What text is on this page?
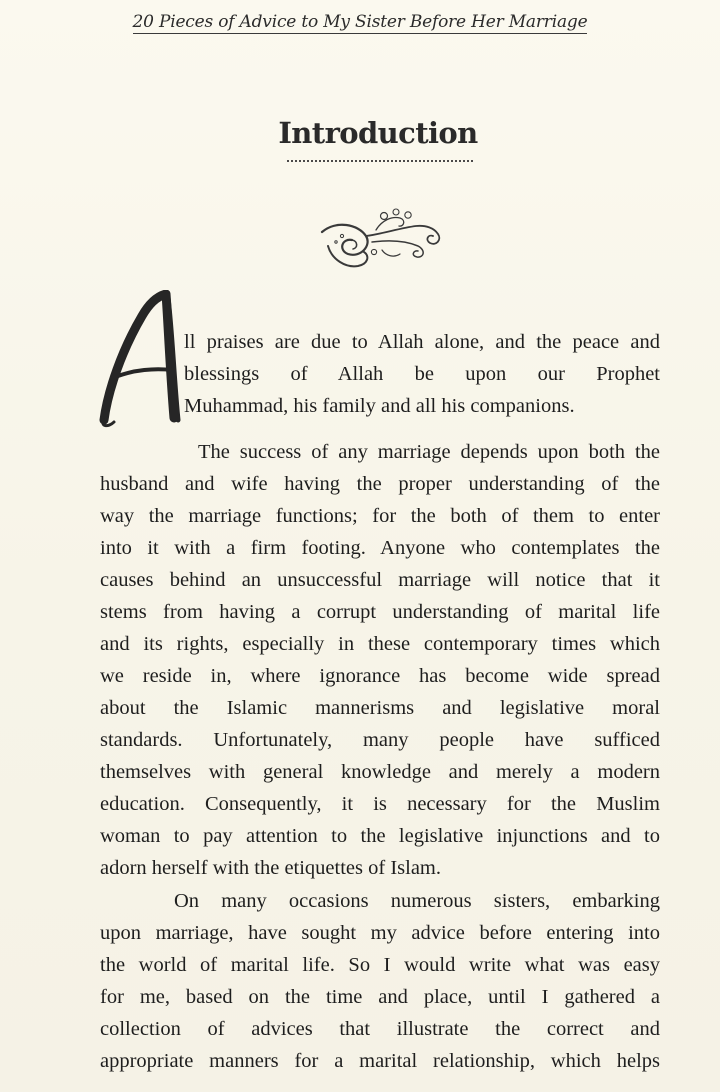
20 Pieces of Advice to My Sister Before Her Marriage
Introduction
ll praises are due to Allah alone, and the peace and
blessings of Allah be upon our Prophet
Muhammad, his family and all his companions.
The success of any marriage depends upon both the
husband and wife having the proper understanding of the
way the marriage functions; for the both of them to enter
into it with a firm footing. Anyone who contemplates the
causes behind an unsuccessful marriage will notice that it
stems from having a corrupt understanding of marital life
and its rights, especially in these contemporary times which
we reside in, where ignorance has become wide spread
about the Islamic mannerisms and legislative moral
standards. Unfortunately, many people have sufficed
themselves with general knowledge and merely a modern
education. Consequently, it is necessary for the Muslim
woman to pay attention to the legislative injunctions and to
adorn herself with the etiquettes of Islam.
On many occasions numerous sisters, embarking
upon marriage, have sought my advice before entering into
the world of marital life. So I would write what was easy
for me, based on the time and place, until I gathered a
collection of advices that illustrate the correct and
appropriate manners for a marital relationship, which helps
